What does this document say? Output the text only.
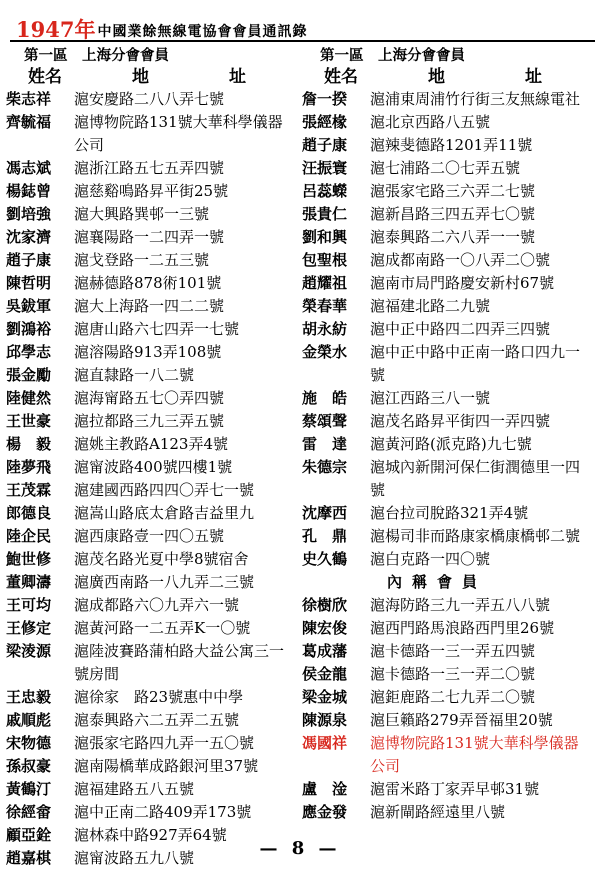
1947年 中國業餘無線電協會會員通訊錄
第一區　上海分會會員
姓名	地	址
柴志祥	滬安慶路二八八弄七號
齊毓福	滬博物院路131號大華科學儀器公司
馮志斌	滬浙江路五七五弄四號
楊鋕曾	滬慈谿鳴路昇平街25號
劉培強	滬大興路巽邨一三號
沈家濟	滬襄陽路一二四弄一號
趙子康	滬戈登路一二五三號
陳哲明	滬赫德路878術101號
吳鈸軍	滬大上海路一四二二號
劉鴻裕	滬唐山路六七四弄一七號
邱學志	滬溶陽路913弄108號
張金勵	滬直隸路一八二號
陸健然	滬海甯路五七〇弄四號
王世豪	滬拉都路三九三弄五號
楊　毅	滬姚主教路A123弄4號
陸夢飛	滬甯波路400號四樓1號
王茂霖	滬建國西路四四〇弄七一號
郎德良	滬嵩山路底太倉路吉益里九
陸企民	滬西康路壹一四〇五號
鮑世修	滬茂名路光夏中學8號宿舍
董卿濤	滬廣西南路一八九弄二三號
王可均	滬成都路六〇九弄六一號
王修定	滬黃河路一二五弄K一〇號
梁淩源	滬陸波賽路蒲柏路大益公寓三一號房間
王忠毅	滬徐家　路23號惠中中學
戚順彪	滬泰興路六二五弄二五號
宋物德	滬張家宅路四九弄一五〇號
孫叔豪	滬南陽橋華成路銀河里37號
黃鶴汀	滬福建路五八五號
徐經畲	滬中正南二路409弄173號
顧亞銓	滬林森中路927弄64號
趙嘉棋	滬甯波路五九八號
第一區　上海分會會員
姓名	地	址
詹一揆	滬浦東周浦竹行街三友無線電社
張經椽	滬北京西路八五號
趙子康	滬辣斐德路1201弄11號
汪振寰	滬七浦路二〇七弄五號
呂蕊蠑	滬張家宅路三六弄二七號
張貴仁	滬新昌路三四五弄七〇號
劉和興	滬泰興路二六八弄一一號
包聖根	滬成都南路一〇八弄二〇號
趙耀祖	滬南市局門路慶安新村67號
榮春華	滬福建北路二九號
胡永紡	滬中正中路四二四弄三四號
金榮水	滬中正中路中正南一路口四九一號
施　皓	滬江西路三八一號
蔡頌聲	滬茂名路昇平街四一弄四號
雷　達	滬黃河路(派克路)九七號
朱德宗	滬城內新開河保仁街潤德里一四號
沈摩西	滬台拉司脫路321弄4號
孔　鼎	滬楊司非而路康家橋康橋邨二號
史久鶴	滬白克路一四〇號
內稱會員
徐樹欣	滬海防路三九一弄五八八號
陳宏俊	滬西門路馬浪路西門里26號
葛成藩	滬卡德路一三一弄五四號
侯金龍	滬卡德路一三一弄二〇號
梁金城	滬鉅鹿路二七九弄二〇號
陳源泉	滬巨籟路279弄晉福里20號
馮國祥	滬博物院路131號大華科學儀器公司
盧　淦	滬雷米路丁家弄早邨31號
應金發	滬新閘路經遠里八號
— 8 —
